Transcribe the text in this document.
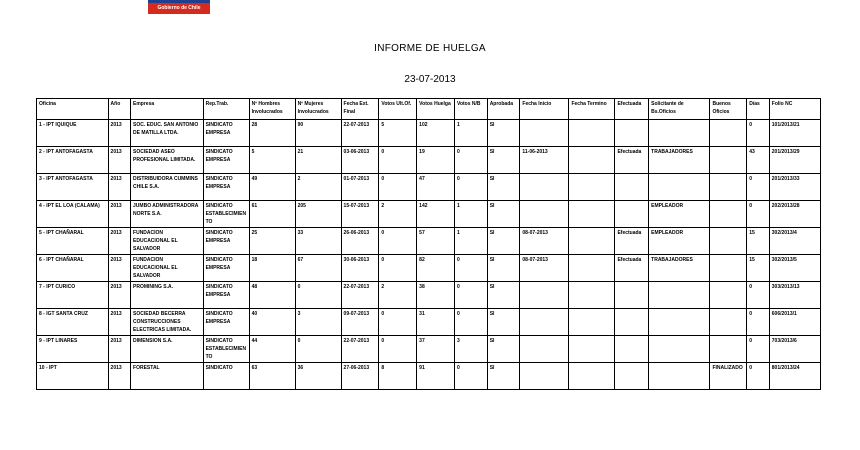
Gobierno de Chile
INFORME DE HUELGA
23-07-2013
Oficina	Año	Empresa	Rep.Trab.	Nº Hombres Involucrados	Nº Mujeres Involucrados	Fecha Ext. Final	Votos Ult.Of.	Votos Huelga	Votos N/B	Aprobada	Fecha Inicio	Fecha Termino	Efectuada	Solicitante de Bs.Oficios	Buenos Oficios	Días	Folio NC
1 - IPT IQUIQUE	2013	SOC. EDUC. SAN ANTONIO DE MATILLA LTDA.	SINDICATO EMPRESA	28	90	22-07-2013	5	102	1	SI						0	101/2013/21
2 - IPT ANTOFAGASTA	2013	SOCIEDAD ASEO PROFESIONAL LIMITADA.	SINDICATO EMPRESA	5	21	03-06-2013	0	19	0	SI	11-06-2013		Efectuada	TRABAJADORES		43	201/2013/29
3 - IPT ANTOFAGASTA	2013	DISTRIBUIDORA CUMMINS CHILE S.A.	SINDICATO EMPRESA	49	2	01-07-2013	0	47	0	SI						0	201/2013/33
4 - IPT EL LOA (CALAMA)	2013	JUMBO ADMINISTRADORA NORTE S.A.	SINDICATO ESTABLECIMIENTO	61	205	15-07-2013	2	142	1	SI				EMPLEADOR		0	202/2013/28
5 - IPT CHAÑARAL	2013	FUNDACION EDUCACIONAL EL SALVADOR	SINDICATO EMPRESA	25	33	26-06-2013	0	57	1	SI	08-07-2013		Efectuada	EMPLEADOR		15	302/2013/4
6 - IPT CHAÑARAL	2013	FUNDACION EDUCACIONAL EL SALVADOR	SINDICATO EMPRESA	18	67	30-06-2013	0	82	0	SI	08-07-2013		Efectuada	TRABAJADORES		15	302/2013/5
7 - IPT CURICO	2013	PROMINING S.A.	SINDICATO EMPRESA	48	0	22-07-2013	2	38	0	SI						0	303/2013/13
8 - IGT SANTA CRUZ	2013	SOCIEDAD BECERRA CONSTRUCCIONES ELECTRICAS LIMITADA.	SINDICATO EMPRESA	40	3	09-07-2013	0	31	0	SI						0	606/2013/1
9 - IPT LINARES	2013	DIMENSION S.A.	SINDICATO ESTABLECIMIENTO	44	0	22-07-2013	0	37	3	SI						0	703/2013/6
10 - IPT	2013	FORESTAL	SINDICATO	63	36	27-06-2013	8	91	0	SI					FINALIZADO	0	801/2013/24
